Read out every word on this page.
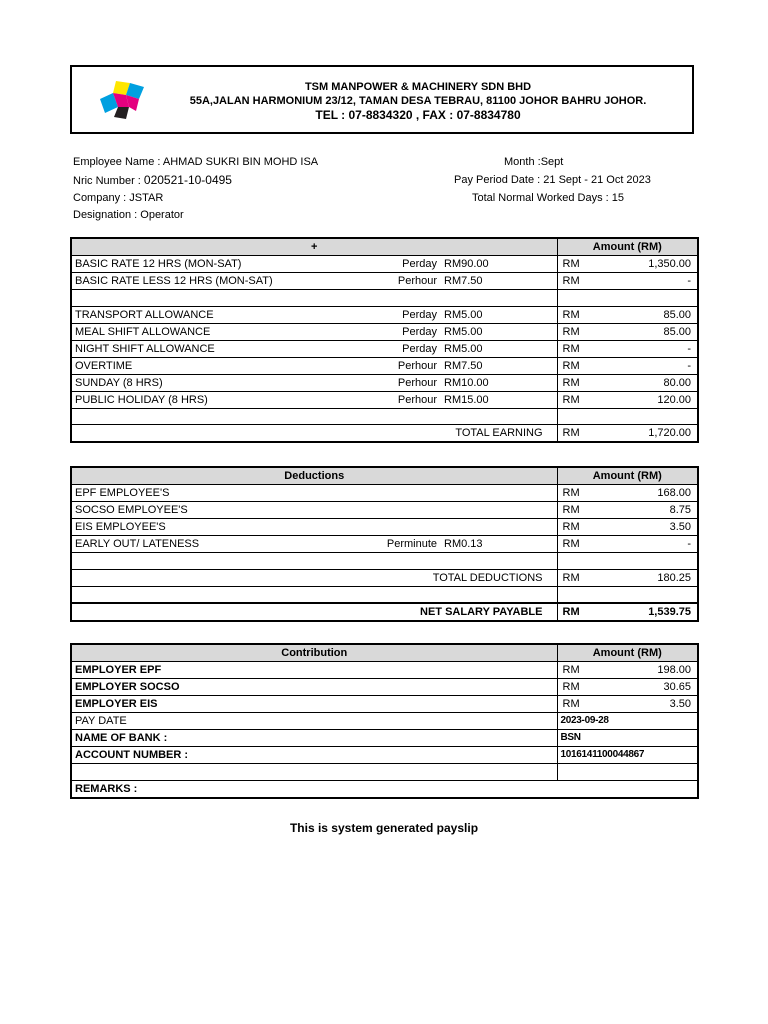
TSM MANPOWER & MACHINERY SDN BHD
55A,JALAN HARMONIUM 23/12, TAMAN DESA TEBRAU, 81100 JOHOR BAHRU JOHOR.
TEL : 07-8834320 , FAX : 07-8834780
Employee Name : AHMAD SUKRI BIN MOHD ISA
Nric Number : 020521-10-0495
Company : JSTAR
Designation : Operator
Month :Sept
Pay Period Date : 21 Sept - 21 Oct 2023
Total Normal Worked Days : 15
+			Amount (RM)	
BASIC RATE 12 HRS (MON-SAT)	Perday	RM90.00	RM	1,350.00
BASIC RATE LESS 12 HRS (MON-SAT)	Perhour	RM7.50	RM	-

TRANSPORT ALLOWANCE	Perday	RM5.00	RM	85.00
MEAL SHIFT ALLOWANCE	Perday	RM5.00	RM	85.00
NIGHT SHIFT ALLOWANCE	Perday	RM5.00	RM	-
OVERTIME	Perhour	RM7.50	RM	-
SUNDAY (8 HRS)	Perhour	RM10.00	RM	80.00
PUBLIC HOLIDAY (8 HRS)	Perhour	RM15.00	RM	120.00

TOTAL EARNING			RM	1,720.00
Deductions			Amount (RM)	
EPF EMPLOYEE'S			RM	168.00
SOCSO EMPLOYEE'S			RM	8.75
EIS EMPLOYEE'S			RM	3.50
EARLY OUT/ LATENESS	Perminute	RM0.13	RM	-

TOTAL DEDUCTIONS			RM	180.25

NET SALARY PAYABLE			RM	1,539.75
Contribution	Amount (RM)	
EMPLOYER EPF	RM	198.00
EMPLOYER SOCSO	RM	30.65
EMPLOYER EIS	RM	3.50
PAY DATE	2023-09-28	
NAME OF BANK :	BSN	
ACCOUNT NUMBER :	1016141100044867	

REMARKS :		
This is system generated payslip
